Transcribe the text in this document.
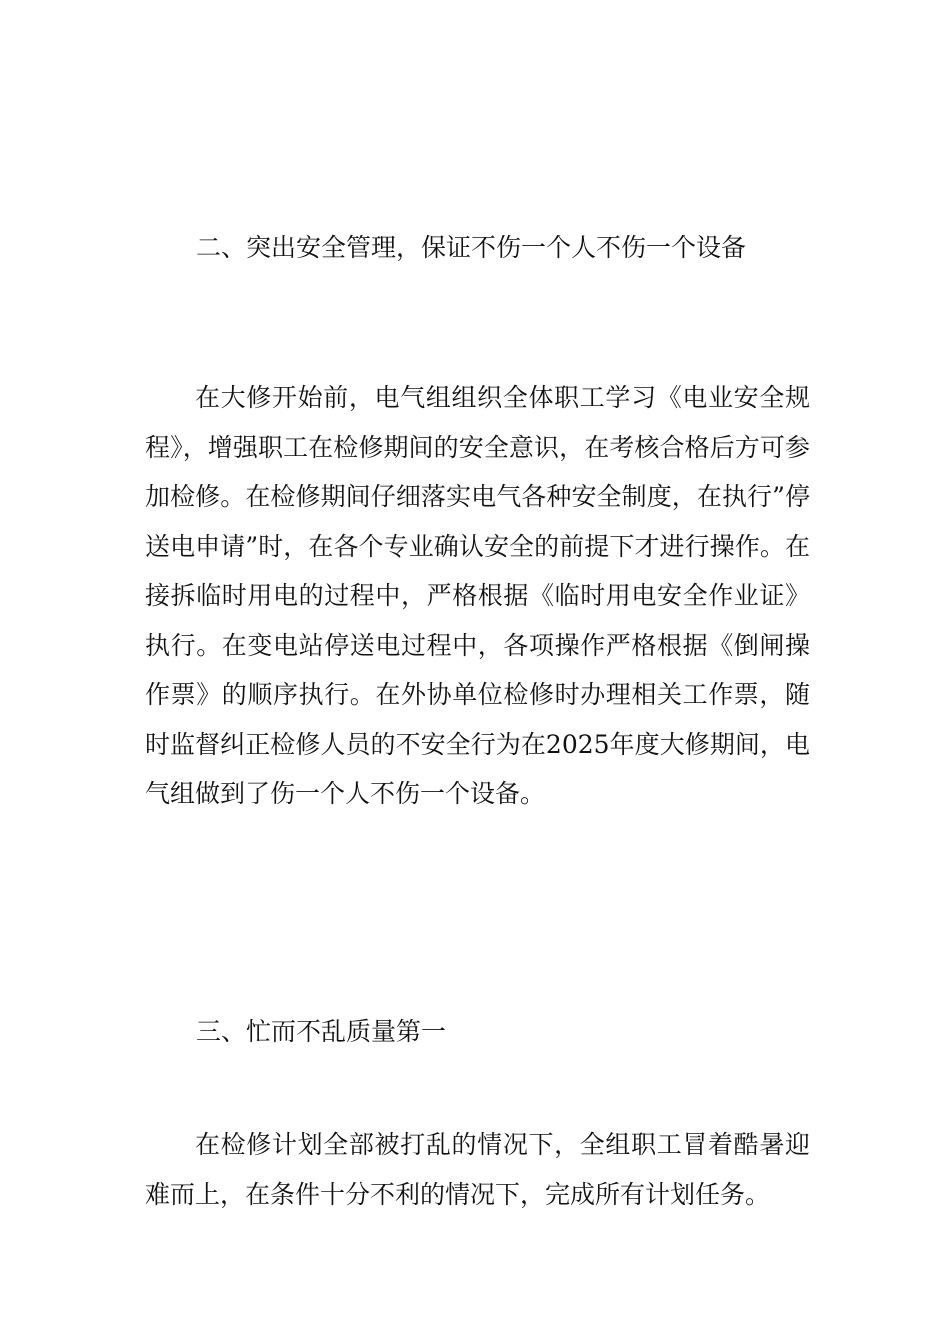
二、突出安全管理，保证不伤一个人不伤一个设备

在大修开始前，电气组组织全体职工学习《电业安全规程》，增强职工在检修期间的安全意识，在考核合格后方可参加检修。在检修期间仔细落实电气各种安全制度，在执行”停送电申请”时，在各个专业确认安全的前提下才进行操作。在接拆临时用电的过程中，严格根据《临时用电安全作业证》执行。在变电站停送电过程中，各项操作严格根据《倒闸操作票》的顺序执行。在外协单位检修时办理相关工作票，随时监督纠正检修人员的不安全行为在2025年度大修期间，电气组做到了伤一个人不伤一个设备。

三、忙而不乱质量第一

在检修计划全部被打乱的情况下，全组职工冒着酷暑迎难而上，在条件十分不利的情况下，完成所有计划任务。
